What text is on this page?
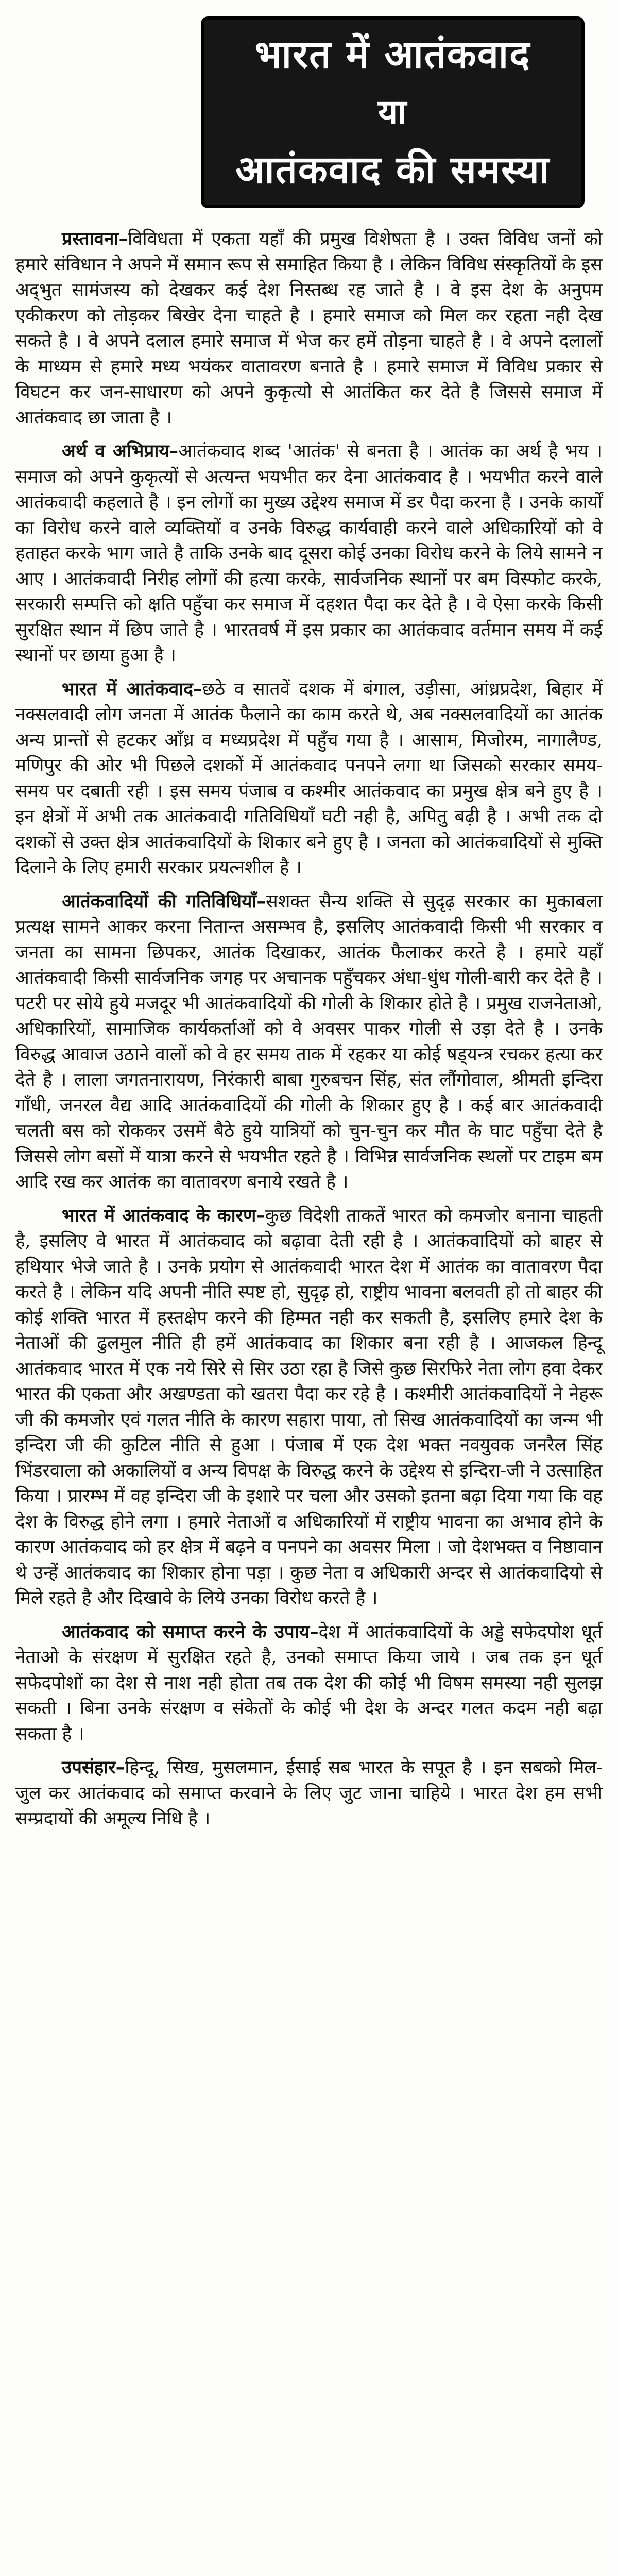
भारत में आतंकवाद
या
आतंकवाद की समस्या

प्रस्तावना–विविधता में एकता यहाँ की प्रमुख विशेषता है । उक्त विविध जनों को हमारे संविधान ने अपने में समान रूप से समाहित किया है । लेकिन विविध संस्कृतियों के इस अद्‌भुत सामंजस्य को देखकर कई देश निस्तब्ध रह जाते है । वे इस देश के अनुपम एकीकरण को तोड़कर बिखेर देना चाहते है । हमारे समाज को मिल कर रहता नही देख सकते है । वे अपने दलाल हमारे समाज में भेज कर हमें तोड़ना चाहते है । वे अपने दलालों के माध्यम से हमारे मध्य भयंकर वातावरण बनाते है । हमारे समाज में विविध प्रकार से विघटन कर जन-साधारण को अपने कुकृत्यो से आतंकित कर देते है जिससे समाज में आतंकवाद छा जाता है ।

अर्थ व अभिप्राय–आतंकवाद शब्द 'आतंक' से बनता है । आतंक का अर्थ है भय । समाज को अपने कुकृत्यों से अत्यन्त भयभीत कर देना आतंकवाद है । भयभीत करने वाले आतंकवादी कहलाते है । इन लोगों का मुख्य उद्देश्य समाज में डर पैदा करना है । उनके कार्यों का विरोध करने वाले व्यक्तियों व उनके विरुद्ध कार्यवाही करने वाले अधिकारियों को वे हताहत करके भाग जाते है ताकि उनके बाद दूसरा कोई उनका विरोध करने के लिये सामने न आए । आतंकवादी निरीह लोगों की हत्या करके, सार्वजनिक स्थानों पर बम विस्फोट करके, सरकारी सम्पत्ति को क्षति पहुँचा कर समाज में दहशत पैदा कर देते है । वे ऐसा करके किसी सुरक्षित स्थान में छिप जाते है । भारतवर्ष में इस प्रकार का आतंकवाद वर्तमान समय में कई स्थानों पर छाया हुआ है ।

भारत में आतंकवाद–छठे व सातवें दशक में बंगाल, उड़ीसा, आंध्रप्रदेश, बिहार में नक्सलवादी लोग जनता में आतंक फैलाने का काम करते थे, अब नक्सलवादियों का आतंक अन्य प्रान्तों से हटकर आँध्र व मध्यप्रदेश में पहुँच गया है । आसाम, मिजोरम, नागालैण्ड, मणिपुर की ओर भी पिछले दशकों में आतंकवाद पनपने लगा था जिसको सरकार समय-समय पर दबाती रही । इस समय पंजाब व कश्मीर आतंकवाद का प्रमुख क्षेत्र बने हुए है । इन क्षेत्रों में अभी तक आतंकवादी गतिविधियाँ घटी नही है, अपितु बढ़ी है । अभी तक दो दशकों से उक्त क्षेत्र आतंकवादियों के शिकार बने हुए है । जनता को आतंकवादियों से मुक्ति दिलाने के लिए हमारी सरकार प्रयत्नशील है ।

आतंकवादियों की गतिविधियाँ–सशक्त सैन्य शक्ति से सुदृढ़ सरकार का मुकाबला प्रत्यक्ष सामने आकर करना नितान्त असम्भव है, इसलिए आतंकवादी किसी भी सरकार व जनता का सामना छिपकर, आतंक दिखाकर, आतंक फैलाकर करते है । हमारे यहाँ आतंकवादी किसी सार्वजनिक जगह पर अचानक पहुँचकर अंधा-धुंध गोली-बारी कर देते है । पटरी पर सोये हुये मजदूर भी आतंकवादियों की गोली के शिकार होते है । प्रमुख राजनेताओ, अधिकारियों, सामाजिक कार्यकर्ताओं को वे अवसर पाकर गोली से उड़ा देते है । उनके विरुद्ध आवाज उठाने वालों को वे हर समय ताक में रहकर या कोई षड्‌यन्त्र रचकर हत्या कर देते है । लाला जगतनारायण, निरंकारी बाबा गुरुबचन सिंह, संत लौंगोवाल, श्रीमती इन्दिरा गाँधी, जनरल वैद्य आदि आतंकवादियों की गोली के शिकार हुए है । कई बार आतंकवादी चलती बस को रोककर उसमें बैठे हुये यात्रियों को चुन-चुन कर मौत के घाट पहुँचा देते है जिससे लोग बसों में यात्रा करने से भयभीत रहते है । विभिन्न सार्वजनिक स्थलों पर टाइम बम आदि रख कर आतंक का वातावरण बनाये रखते है ।

भारत में आतंकवाद के कारण–कुछ विदेशी ताकतें भारत को कमजोर बनाना चाहती है, इसलिए वे भारत में आतंकवाद को बढ़ावा देती रही है । आतंकवादियों को बाहर से हथियार भेजे जाते है । उनके प्रयोग से आतंकवादी भारत देश में आतंक का वातावरण पैदा करते है । लेकिन यदि अपनी नीति स्पष्ट हो, सुदृढ़ हो, राष्ट्रीय भावना बलवती हो तो बाहर की कोई शक्ति भारत में हस्तक्षेप करने की हिम्मत नही कर सकती है, इसलिए हमारे देश के नेताओं की ढुलमुल नीति ही हमें आतंकवाद का शिकार बना रही है । आजकल हिन्दू आतंकवाद भारत में एक नये सिरे से सिर उठा रहा है जिसे कुछ सिरफिरे नेता लोग हवा देकर भारत की एकता और अखण्डता को खतरा पैदा कर रहे है । कश्मीरी आतंकवादियों ने नेहरू जी की कमजोर एवं गलत नीति के कारण सहारा पाया, तो सिख आतंकवादियों का जन्म भी इन्दिरा जी की कुटिल नीति से हुआ । पंजाब में एक देश भक्त नवयुवक जनरैल सिंह भिंडरवाला को अकालियों व अन्य विपक्ष के विरुद्ध करने के उद्देश्य से इन्दिरा-जी ने उत्साहित किया । प्रारम्भ में वह इन्दिरा जी के इशारे पर चला और उसको इतना बढ़ा दिया गया कि वह देश के विरुद्ध होने लगा । हमारे नेताओं व अधिकारियों में राष्ट्रीय भावना का अभाव होने के कारण आतंकवाद को हर क्षेत्र में बढ़ने व पनपने का अवसर मिला । जो देशभक्त व निष्ठावान थे उन्हें आतंकवाद का शिकार होना पड़ा । कुछ नेता व अधिकारी अन्दर से आतंकवादियो से मिले रहते है और दिखावे के लिये उनका विरोध करते है ।

आतंकवाद को समाप्त करने के उपाय–देश में आतंकवादियों के अड्डे सफेदपोश धूर्त नेताओ के संरक्षण में सुरक्षित रहते है, उनको समाप्त किया जाये । जब तक इन धूर्त सफेदपोशों का देश से नाश नही होता तब तक देश की कोई भी विषम समस्या नही सुलझ सकती । बिना उनके संरक्षण व संकेतों के कोई भी देश के अन्दर गलत कदम नही बढ़ा सकता है ।

उपसंहार–हिन्दू, सिख, मुसलमान, ईसाई सब भारत के सपूत है । इन सबको मिल-जुल कर आतंकवाद को समाप्त करवाने के लिए जुट जाना चाहिये । भारत देश हम सभी सम्प्रदायों की अमूल्य निधि है ।
